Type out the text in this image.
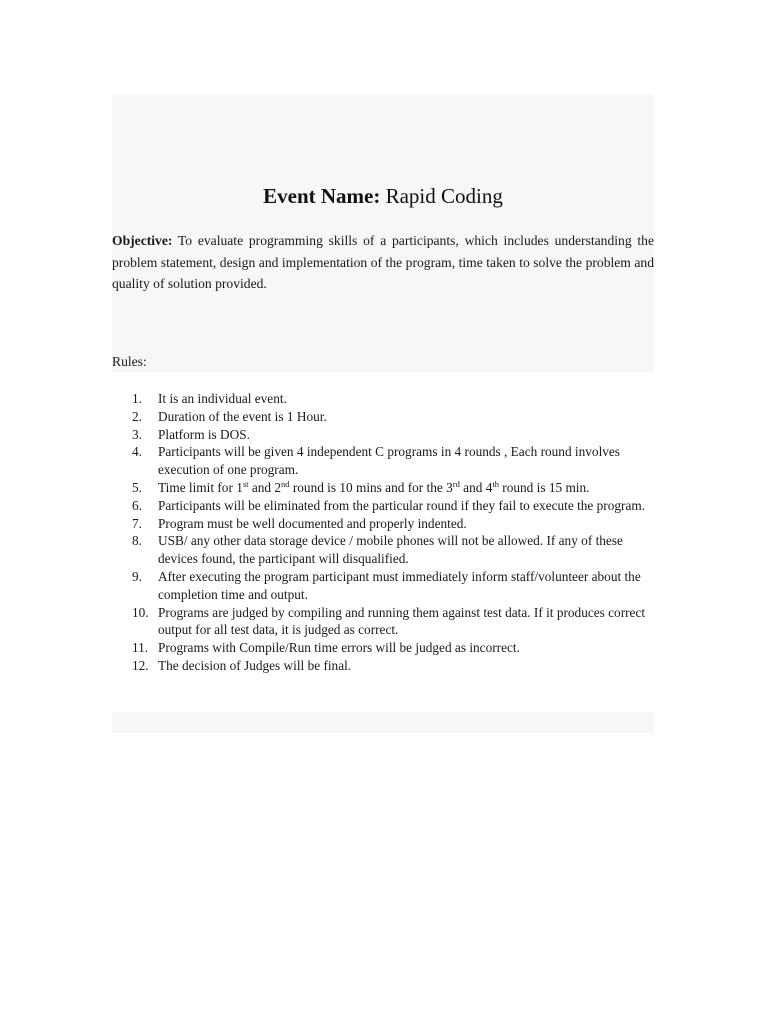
Event Name: Rapid Coding
Objective: To evaluate programming skills of a participants, which includes understanding the problem statement, design and implementation of the program, time taken to solve the problem and quality of solution provided.
Rules:
1. It is an individual event.
2. Duration of the event is 1 Hour.
3. Platform is DOS.
4. Participants will be given 4 independent C programs in 4 rounds , Each round involves execution of one program.
5. Time limit for 1st and 2nd round is 10 mins and for the 3rd and 4th round is 15 min.
6. Participants will be eliminated from the particular round if they fail to execute the program.
7. Program must be well documented and properly indented.
8. USB/ any other data storage device / mobile phones will not be allowed. If any of these devices found, the participant will disqualified.
9. After executing the program participant must immediately inform staff/volunteer about the completion time and output.
10. Programs are judged by compiling and running them against test data. If it produces correct output for all test data, it is judged as correct.
11. Programs with Compile/Run time errors will be judged as incorrect.
12. The decision of Judges will be final.
